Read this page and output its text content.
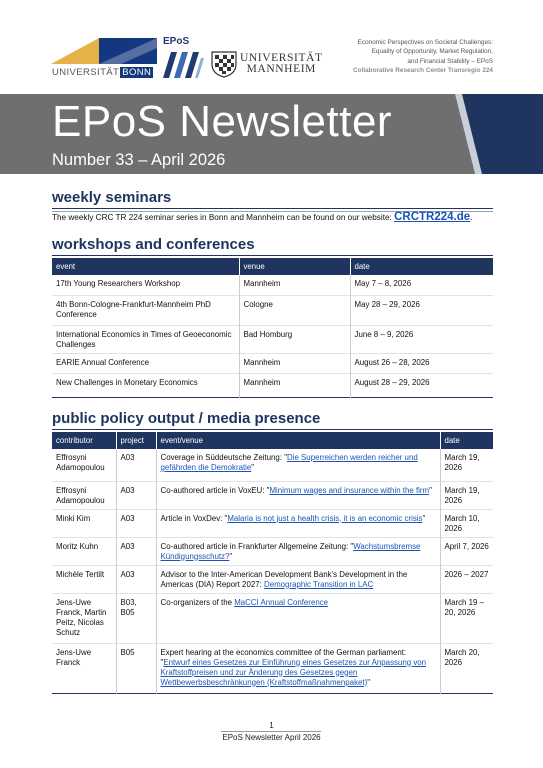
UNIVERSITÄT BONN
EPoS
UNIVERSITÄT
MANNHEIM
Economic Perspectives on Societal Challenges:
Equality of Opportunity, Market Regulation,
and Financial Stability – EPoS
Collaborative Research Center Transregio 224
EPoS Newsletter
Number 33 – April 2026
weekly seminars
The weekly CRC TR 224 seminar series in Bonn and Mannheim can be found on our website: CRCTR224.de.
workshops and conferences
event	venue	date
17th Young Researchers Workshop	Mannheim	May 7 – 8, 2026
4th Bonn-Cologne-Frankfurt-Mannheim PhD Conference	Cologne	May 28 – 29, 2026
International Economics in Times of Geoeconomic Challenges	Bad Homburg	June 8 – 9, 2026
EARIE Annual Conference	Mannheim	August 26 – 28, 2026
New Challenges in Monetary Economics	Mannheim	August 28 – 29, 2026
public policy output / media presence
contributor	project	event/venue	date
Effrosyni Adamopoulou	A03	Coverage in Süddeutsche Zeitung: "Die Superreichen werden reicher und gefährden die Demokratie"	March 19, 2026
Effrosyni Adamopoulou	A03	Co-authored article in VoxEU: "Minimum wages and insurance within the firm"	March 19, 2026
Minki Kim	A03	Article in VoxDev: "Malaria is not just a health crisis, it is an economic crisis"	March 10, 2026
Moritz Kuhn	A03	Co-authored article in Frankfurter Allgemeine Zeitung: "Wachstumsbremse Kündigungsschutz?"	April 7, 2026
Michèle Tertilt	A03	Advisor to the Inter-American Development Bank’s Development in the Americas (DIA) Report 2027: Demographic Transition in LAC	2026 – 2027
Jens-Uwe Franck, Martin Peitz, Nicolas Schutz	B03, B05	Co-organizers of the MaCCI Annual Conference	March 19 – 20, 2026
Jens-Uwe Franck	B05	Expert hearing at the economics committee of the German parliament: "Entwurf eines Gesetzes zur Einführung eines Gesetzes zur Anpassung von Kraftstoffpreisen und zur Änderung des Gesetzes gegen Wettbewerbsbeschränkungen (Kraftstoffmaßnahmenpaket)"	March 20, 2026
1
EPoS Newsletter April 2026
